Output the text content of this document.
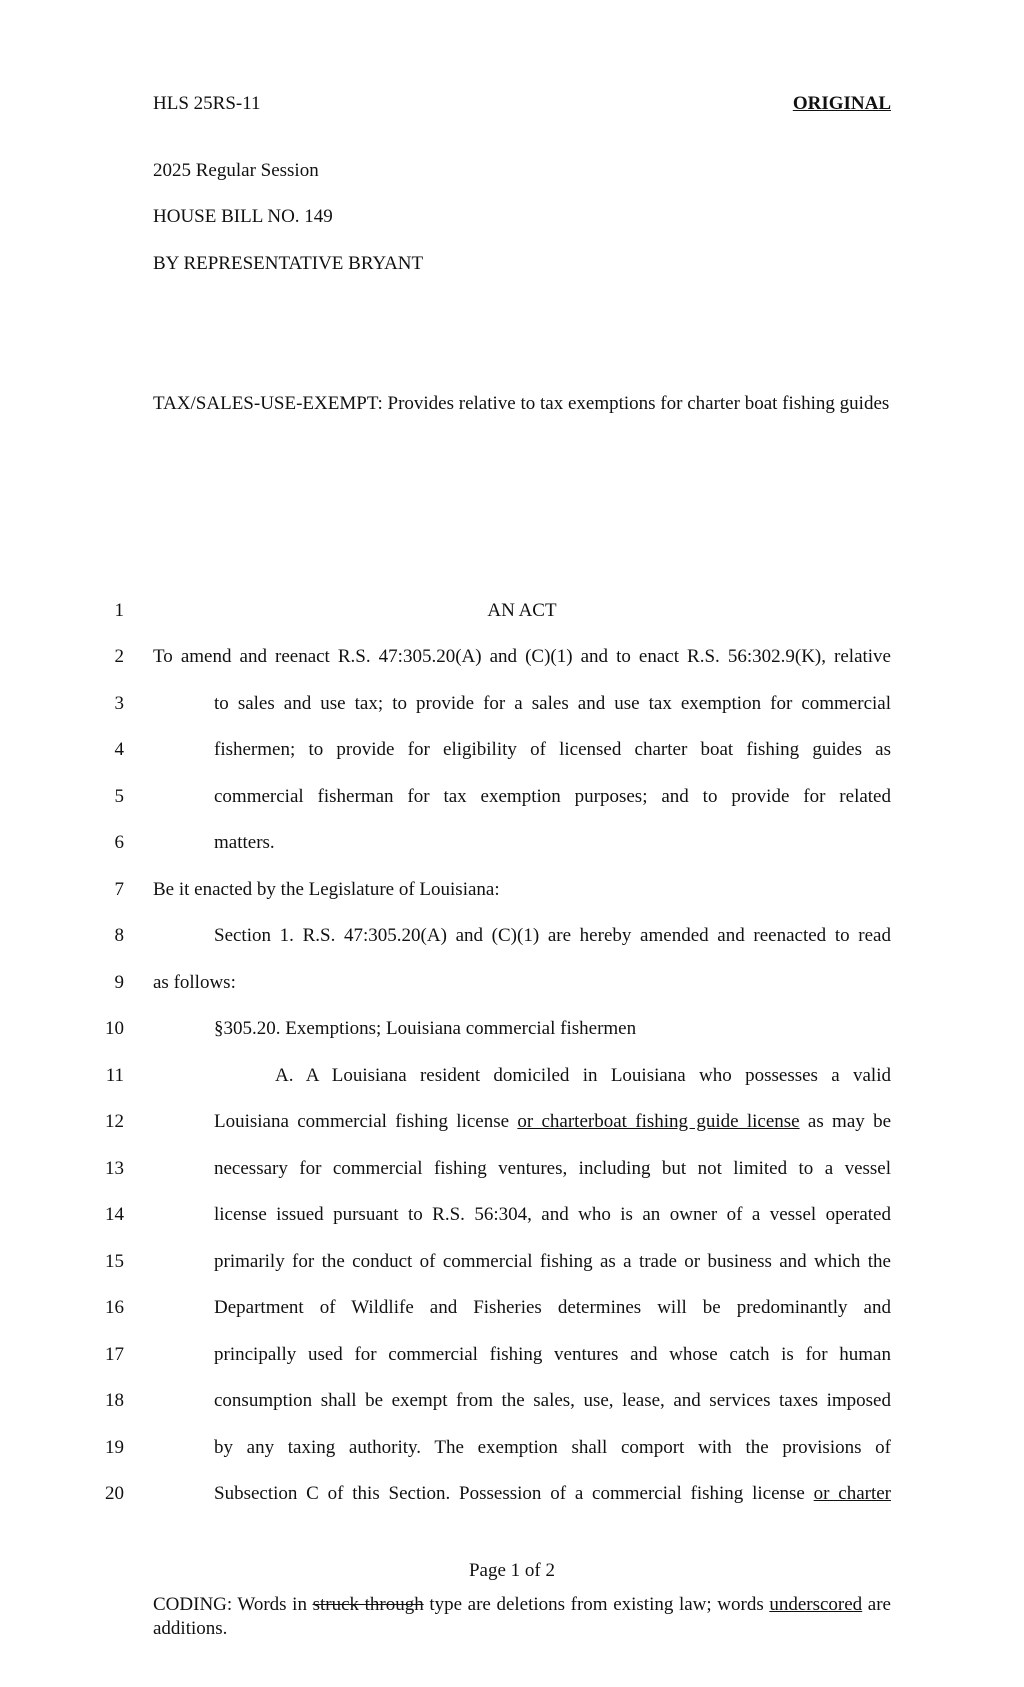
HLS 25RS-11	ORIGINAL
2025 Regular Session
HOUSE BILL NO. 149
BY REPRESENTATIVE BRYANT
TAX/SALES-USE-EXEMPT: Provides relative to tax exemptions for charter boat fishing guides
1
2
3
4
5
6
7
8
9
10
11
12
13
14
15
16
17
18
19
20
AN ACT
To amend and reenact R.S. 47:305.20(A) and (C)(1) and to enact R.S. 56:302.9(K), relative
to sales and use tax; to provide for a sales and use tax exemption for commercial
fishermen; to provide for eligibility of licensed charter boat fishing guides as
commercial fisherman for tax exemption purposes; and to provide for related
matters.
Be it enacted by the Legislature of Louisiana:
Section 1. R.S. 47:305.20(A) and (C)(1) are hereby amended and reenacted to read
as follows:
§305.20. Exemptions; Louisiana commercial fishermen
A. A Louisiana resident domiciled in Louisiana who possesses a valid
Louisiana commercial fishing license or charterboat fishing guide license as may be
necessary for commercial fishing ventures, including but not limited to a vessel
license issued pursuant to R.S. 56:304, and who is an owner of a vessel operated
primarily for the conduct of commercial fishing as a trade or business and which the
Department of Wildlife and Fisheries determines will be predominantly and
principally used for commercial fishing ventures and whose catch is for human
consumption shall be exempt from the sales, use, lease, and services taxes imposed
by any taxing authority. The exemption shall comport with the provisions of
Subsection C of this Section. Possession of a commercial fishing license or charter
Page 1 of 2
CODING: Words in struck through type are deletions from existing law; words underscored are additions.
